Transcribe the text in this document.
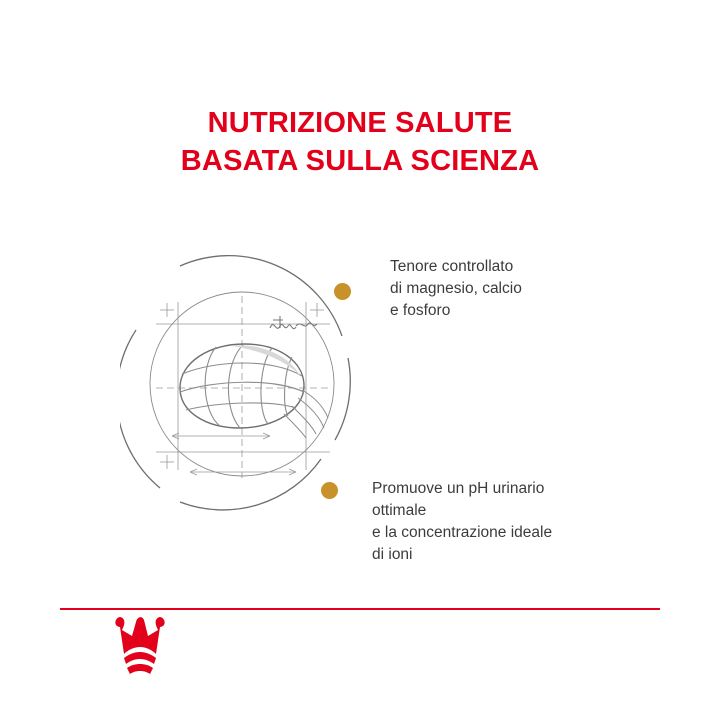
NUTRIZIONE SALUTE
BASATA SULLA SCIENZA
Tenore controllato
di magnesio, calcio
e fosforo
Promuove un pH urinario
ottimale
e la concentrazione ideale
di ioni
